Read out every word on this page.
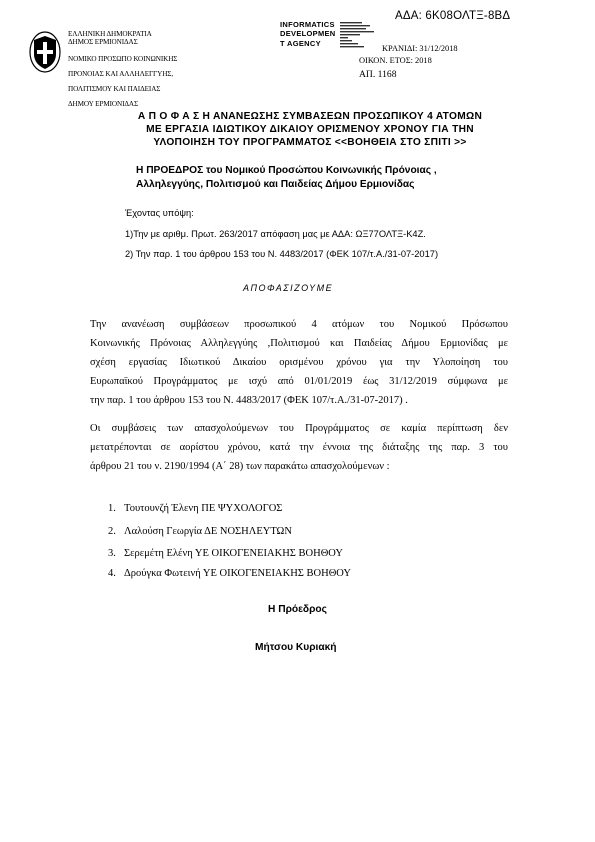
ΑΔΑ: 6Κ08ΟΛΤΞ-8ΒΔ
ΕΛΛΗΝΙΚΗ ΔΗΜΟΚΡΑΤΙΑ
ΔΗΜΟΣ ΕΡΜΙΟΝΙΔΑΣ
ΝΟΜΙΚΟ ΠΡΟΣΩΠΟ ΚΟΙΝΩΝΙΚΗΣ
ΠΡΟΝΟΙΑΣ ΚΑΙ ΑΛΛΗΛΕΓΓΥΗΣ,
ΠΟΛΙΤΙΣΜΟΥ ΚΑΙ ΠΑΙΔΕΙΑΣ
ΔΗΜΟΥ ΕΡΜΙΟΝΙΔΑΣ
INFORMATICS
DEVELOPMEN
T AGENCY
ΚΡΑΝΙΔΙ: 31/12/2018
ΟΙΚΟΝ. ΕΤΟΣ: 2018
ΑΠ. 1168
Α Π Ο Φ Α Σ Η ΑΝΑΝΕΩΣΗΣ ΣΥΜΒΑΣΕΩΝ ΠΡΟΣΩΠΙΚΟΥ 4 ΑΤΟΜΩΝ
ΜΕ ΕΡΓΑΣΙΑ ΙΔΙΩΤΙΚΟΥ ΔΙΚΑΙΟΥ ΟΡΙΣΜΕΝΟΥ ΧΡΟΝΟΥ ΓΙΑ ΤΗΝ
ΥΛΟΠΟΙΗΣΗ ΤΟΥ ΠΡΟΓΡΑΜΜΑΤΟΣ <<ΒΟΗΘΕΙΑ ΣΤΟ ΣΠΙΤΙ >>
Η ΠΡΟΕΔΡΟΣ του Νομικού Προσώπου Κοινωνικής Πρόνοιας ,
Αλληλεγγύης, Πολιτισμού και Παιδείας Δήμου Ερμιονίδας
Έχοντας υπόψη:
1)Την με αριθμ. Πρωτ. 263/2017 απόφαση μας με ΑΔΑ: ΩΞ77ΟΛΤΞ-Κ4Ζ.
2) Την παρ. 1 του άρθρου 153 του Ν. 4483/2017 (ΦΕΚ 107/τ.Α./31-07-2017)
ΑΠΟΦΑΣΙΖΟΥΜΕ
Την ανανέωση συμβάσεων προσωπικού 4 ατόμων του Νομικού Πρόσωπου
Κοινωνικής Πρόνοιας Αλληλεγγύης ,Πολιτισμού και Παιδείας Δήμου Ερμιονίδας με
σχέση εργασίας Ιδιωτικού Δικαίου ορισμένου χρόνου για την Υλοποίηση του
Ευρωπαϊκού Προγράμματος με ισχύ από 01/01/2019 έως 31/12/2019 σύμφωνα με
την παρ. 1 του άρθρου 153 του Ν. 4483/2017 (ΦΕΚ 107/τ.Α./31-07-2017) .
Οι συμβάσεις των απασχολούμενων του Προγράμματος σε καμία περίπτωση δεν
μετατρέπονται σε αορίστου χρόνου, κατά την έννοια της διάταξης της παρ. 3 του
άρθρου 21 του ν. 2190/1994 (Α΄ 28) των παρακάτω απασχολούμενων :
1. Τουτουνζή Έλενη ΠΕ ΨΥΧΟΛΟΓΟΣ
2. Λαλούση Γεωργία ΔΕ ΝΟΣΗΛΕΥΤΩΝ
3. Σερεμέτη Ελένη ΥΕ ΟΙΚΟΓΕΝΕΙΑΚΗΣ ΒΟΗΘΟΥ
4. Δρούγκα Φωτεινή ΥΕ ΟΙΚΟΓΕΝΕΙΑΚΗΣ ΒΟΗΘΟΥ
Η Πρόεδρος
Μήτσου Κυριακή
